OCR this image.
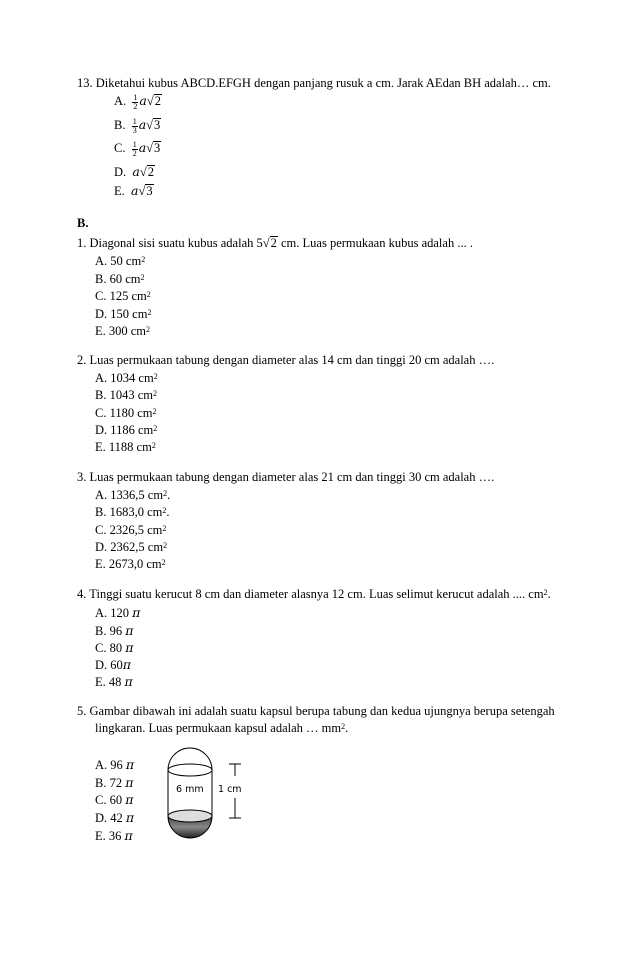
13. Diketahui kubus ABCD.EFGH dengan panjang rusuk a cm. Jarak AEdan BH adalah… cm.
A. $\frac{1}{2} a√2$
B. $\frac{1}{3} a√3$
C. $\frac{1}{2} a√3$
D. a√2
E. a√3
B.
1. Diagonal sisi suatu kubus adalah 5√2 cm. Luas permukaan kubus adalah ... .
A. 50 $cm^2$
B. 60 $cm^2$
C. 125 $cm^2$
D. 150 $cm^2$
E. 300 $cm^2$
2. Luas permukaan tabung dengan diameter alas 14 cm dan tinggi 20 cm adalah ….
A. 1034 $cm^2$
B. 1043 $cm^2$
C. 1180 $cm^2$
D. 1186 $cm^2$
E. 1188 $cm^2$
3. Luas permukaan tabung dengan diameter alas 21 cm dan tinggi 30 cm adalah ….
A. 1336,5 $cm^2$.
B. 1683,0 $cm^2$.
C. 2326,5 $cm^2$
D. 2362,5 $cm^2$
E. 2673,0 $cm^2$
4. Tinggi suatu kerucut 8 cm dan diameter alasnya 12 cm. Luas selimut kerucut adalah .... $cm^2$.
A. 120 π
B. 96 π
C. 80 π
D. 60π
E. 48 π
5. Gambar dibawah ini adalah suatu kapsul berupa tabung dan kedua ujungnya berupa setengah
lingkaran. Luas permukaan kapsul adalah … $mm^2$.
A. 96 π
B. 72 π
C. 60 π
D. 42 π
E. 36 π
6 mm 1 cm
